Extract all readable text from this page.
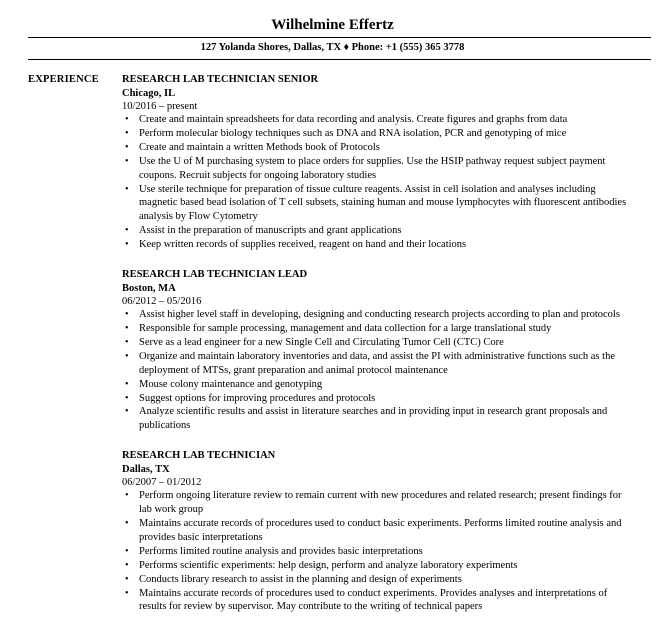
Wilhelmine Effertz
127 Yolanda Shores, Dallas, TX ♦ Phone: +1 (555) 365 3778
EXPERIENCE RESEARCH LAB TECHNICIAN SENIOR
Chicago, IL
10/2016 – present
• Create and maintain spreadsheets for data recording and analysis. Create figures and graphs from data
• Perform molecular biology techniques such as DNA and RNA isolation, PCR and genotyping of mice
• Create and maintain a written Methods book of Protocols
• Use the U of M purchasing system to place orders for supplies. Use the HSIP pathway request subject payment coupons. Recruit subjects for ongoing laboratory studies
• Use sterile technique for preparation of tissue culture reagents. Assist in cell isolation and analyses including magnetic based bead isolation of T cell subsets, staining human and mouse lymphocytes with fluorescent antibodies analysis by Flow Cytometry
• Assist in the preparation of manuscripts and grant applications
• Keep written records of supplies received, reagent on hand and their locations
RESEARCH LAB TECHNICIAN LEAD
Boston, MA
06/2012 – 05/2016
• Assist higher level staff in developing, designing and conducting research projects according to plan and protocols
• Responsible for sample processing, management and data collection for a large translational study
• Serve as a lead engineer for a new Single Cell and Circulating Tumor Cell (CTC) Core
• Organize and maintain laboratory inventories and data, and assist the PI with administrative functions such as the deployment of MTSs, grant preparation and animal protocol maintenance
• Mouse colony maintenance and genotyping
• Suggest options for improving procedures and protocols
• Analyze scientific results and assist in literature searches and in providing input in research grant proposals and publications
RESEARCH LAB TECHNICIAN
Dallas, TX
06/2007 – 01/2012
• Perform ongoing literature review to remain current with new procedures and related research; present findings for lab work group
• Maintains accurate records of procedures used to conduct basic experiments. Performs limited routine analysis and provides basic interpretations
• Performs limited routine analysis and provides basic interpretations
• Performs scientific experiments: help design, perform and analyze laboratory experiments
• Conducts library research to assist in the planning and design of experiments
• Maintains accurate records of procedures used to conduct experiments. Provides analyses and interpretations of results for review by supervisor. May contribute to the writing of technical papers
